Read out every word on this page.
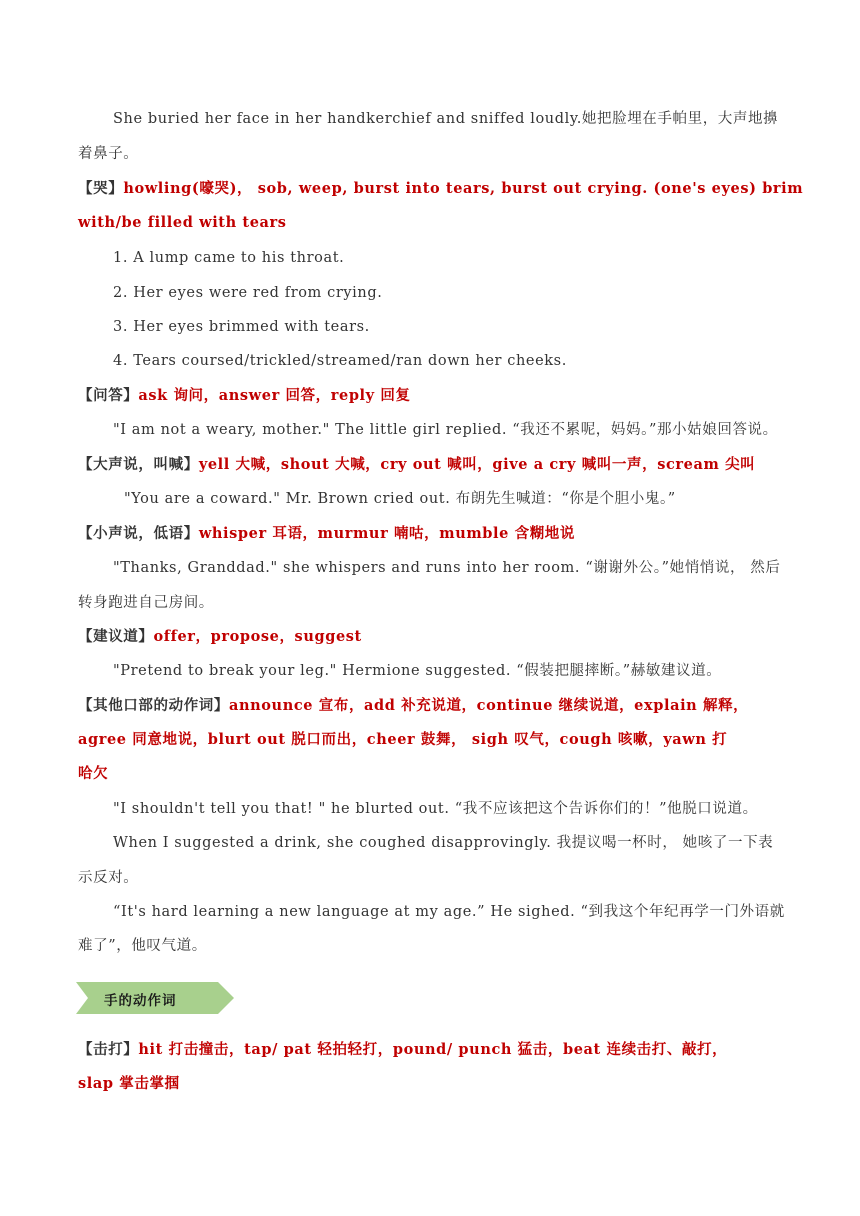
She buried her face in her handkerchief and sniffed loudly.她把脸埋在手帕里，大声地擤
着鼻子。
【哭】howling(嚎哭)， sob, weep, burst into tears, burst out crying. (one's eyes) brim
with/be filled with tears
1. A lump came to his throat.
2. Her eyes were red from crying.
3. Her eyes brimmed with tears.
4. Tears coursed/trickled/streamed/ran down her cheeks.
【问答】ask 询问，answer 回答，reply 回复
"I am not a weary, mother." The little girl replied. “我还不累呢，妈妈。”那小姑娘回答说。
【大声说，叫喊】yell 大喊，shout 大喊，cry out 喊叫，give a cry 喊叫一声，scream 尖叫
"You are a coward." Mr. Brown cried out. 布朗先生喊道：“你是个胆小鬼。”
【小声说，低语】whisper 耳语，murmur 喃咕，mumble 含糊地说
"Thanks, Granddad." she whispers and runs into her room. “谢谢外公。”她悄悄说， 然后
转身跑进自己房间。
【建议道】offer，propose，suggest
"Pretend to break your leg." Hermione suggested. “假装把腿摔断。”赫敏建议道。
【其他口部的动作词】announce 宣布，add 补充说道，continue 继续说道，explain 解释，
agree 同意地说，blurt out 脱口而出，cheer 鼓舞， sigh 叹气，cough 咳嗽，yawn 打
哈欠
"I shouldn't tell you that! " he blurted out. “我不应该把这个告诉你们的！”他脱口说道。
When I suggested a drink, she coughed disapprovingly. 我提议喝一杯时， 她咳了一下表
示反对。
“It's hard learning a new language at my age.” He sighed. “到我这个年纪再学一门外语就
难了”，他叹气道。
手的动作词
【击打】hit 打击撞击，tap/ pat 轻拍轻打，pound/ punch 猛击，beat 连续击打、敲打，
slap 掌击掌掴
